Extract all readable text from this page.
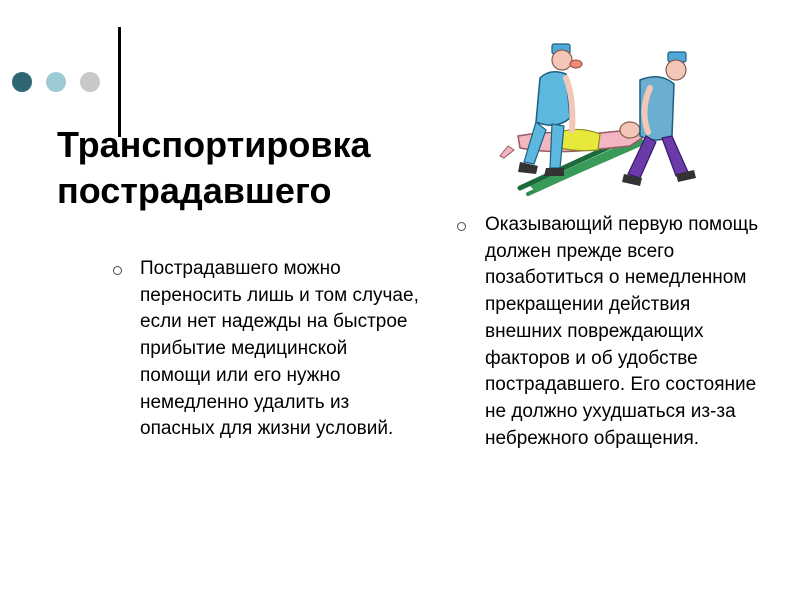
Транспортировка пострадавшего
Пострадавшего можно переносить лишь и том случае, если нет надежды на быстрое прибытие медицинской помощи или его нужно немедленно удалить из опасных для жизни условий.
Оказывающий первую помощь должен прежде всего позаботиться о немедленном прекращении действия внешних повреждающих факторов и об удобстве пострадавшего. Его состояние не должно ухудшаться из-за небрежного обращения.
